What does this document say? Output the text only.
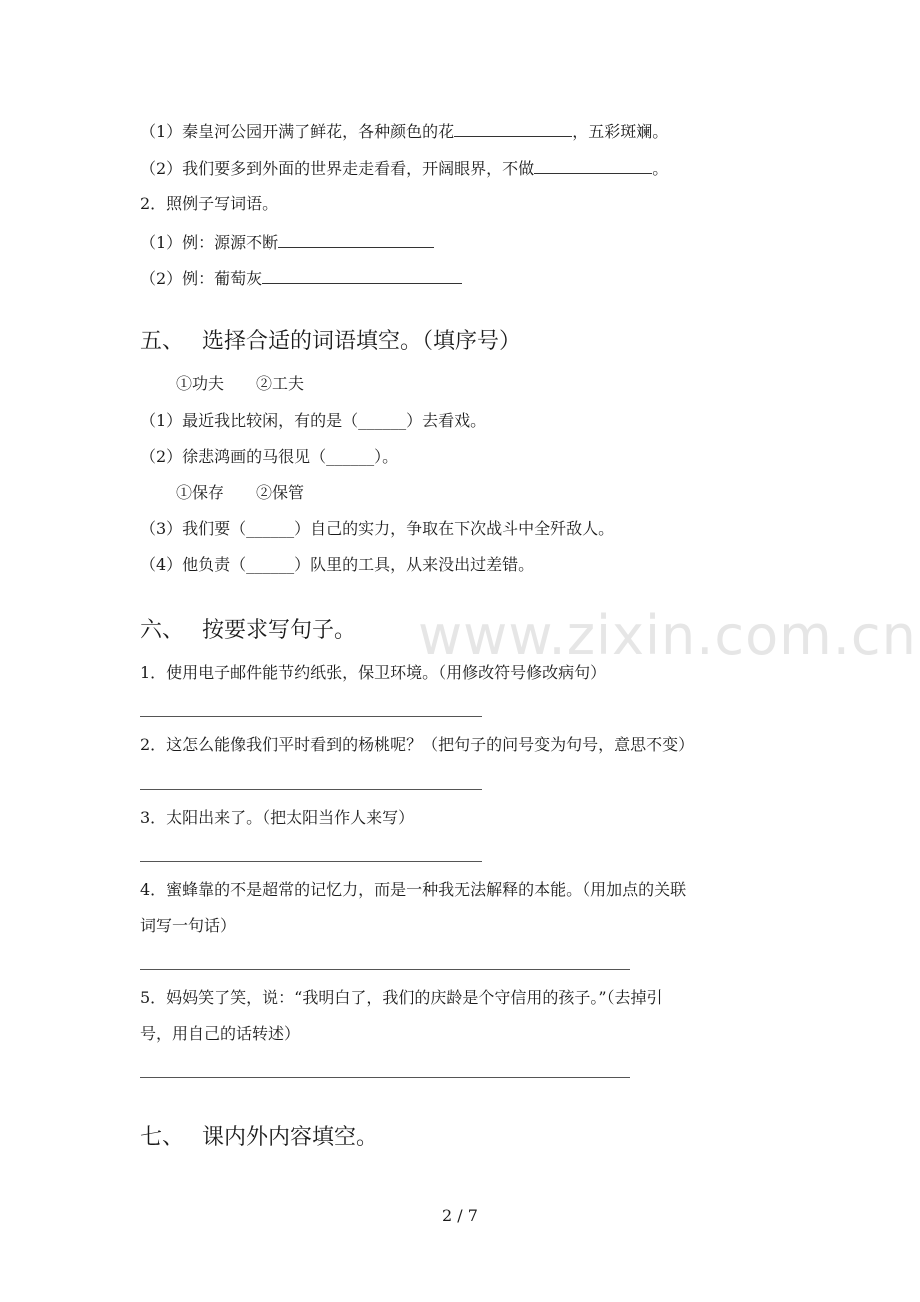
（1）秦皇河公园开满了鲜花，各种颜色的花	，五彩斑斓。
（2）我们要多到外面的世界走走看看，开阔眼界，不做	。
2．照例子写词语。
（1）例：源源不断
（2）例：葡萄灰
五、 选择合适的词语填空。（填序号）
①功夫　　②工夫
（1）最近我比较闲，有的是（______）去看戏。
（2）徐悲鸿画的马很见（______）。
①保存　　②保管
（3）我们要（______）自己的实力，争取在下次战斗中全歼敌人。
（4）他负责（______）队里的工具，从来没出过差错。
www.zixin.com.cn
六、 按要求写句子。
1．使用电子邮件能节约纸张，保卫环境。（用修改符号修改病句）
2．这怎么能像我们平时看到的杨桃呢？（把句子的问号变为句号，意思不变）
3．太阳出来了。（把太阳当作人来写）
4．蜜蜂靠的不是超常的记忆力，而是一种我无法解释的本能。（用加点的关联
词写一句话）
5．妈妈笑了笑，说：“我明白了，我们的庆龄是个守信用的孩子。”（去掉引
号，用自己的话转述）
七、 课内外内容填空。
2 / 7
